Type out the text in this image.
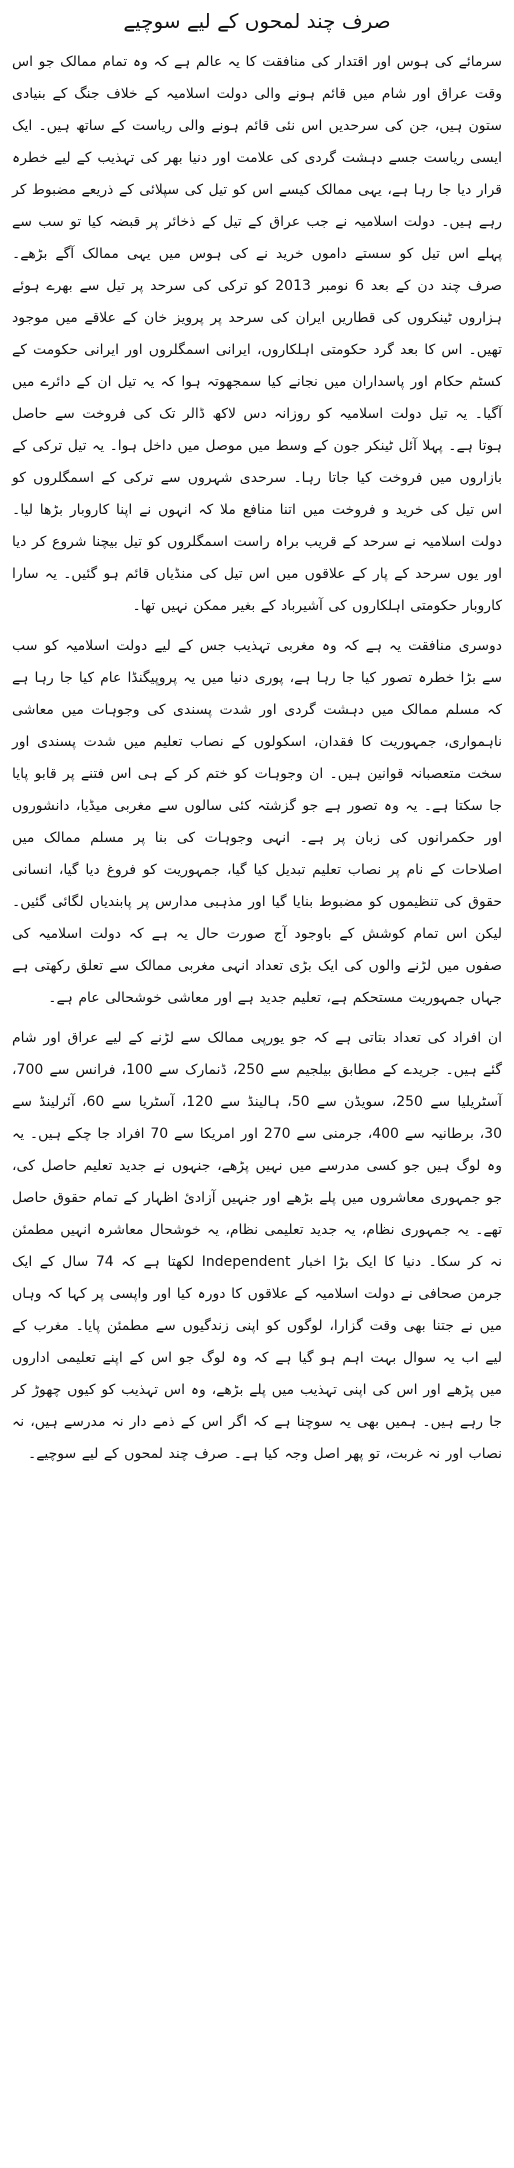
صرف چند لمحوں کے لیے سوچیے

سرمائے کی ہوس اور اقتدار کی منافقت کا یہ عالم ہے کہ وہ تمام ممالک جو اس وقت عراق اور شام میں قائم ہونے والی دولت اسلامیہ کے خلاف جنگ کے بنیادی ستون ہیں، جن کی سرحدیں اس نئی قائم ہونے والی ریاست کے ساتھ ہیں۔ ایک ایسی ریاست جسے دہشت گردی کی علامت اور دنیا بھر کی تہذیب کے لیے خطرہ قرار دیا جا رہا ہے، یہی ممالک کیسے اس کو تیل کی سپلائی کے ذریعے مضبوط کر رہے ہیں۔ دولت اسلامیہ نے جب عراق کے تیل کے ذخائر پر قبضہ کیا تو سب سے پہلے اس تیل کو سستے داموں خرید نے کی ہوس میں یہی ممالک آگے بڑھے۔ صرف چند دن کے بعد 6 نومبر 2013 کو ترکی کی سرحد پر تیل سے بھرے ہوئے ہزاروں ٹینکروں کی قطاریں ایران کی سرحد پر پرویز خان کے علاقے میں موجود تھیں۔ اس کا بعد گرد حکومتی اہلکاروں، ایرانی اسمگلروں اور ایرانی حکومت کے کسٹم حکام اور پاسداران میں نجانے کیا سمجھوتہ ہوا کہ یہ تیل ان کے دائرے میں آگیا۔ یہ تیل دولت اسلامیہ کو روزانہ دس لاکھ ڈالر تک کی فروخت سے حاصل ہوتا ہے۔ پہلا آئل ٹینکر جون کے وسط میں موصل میں داخل ہوا۔ یہ تیل ترکی کے بازاروں میں فروخت کیا جاتا رہا۔ سرحدی شہروں سے ترکی کے اسمگلروں کو اس تیل کی خرید و فروخت میں اتنا منافع ملا کہ انہوں نے اپنا کاروبار بڑھا لیا۔ دولت اسلامیہ نے سرحد کے قریب براہ راست اسمگلروں کو تیل بیچنا شروع کر دیا اور یوں سرحد کے پار کے علاقوں میں اس تیل کی منڈیاں قائم ہو گئیں۔ یہ سارا کاروبار حکومتی اہلکاروں کی آشیرباد کے بغیر ممکن نہیں تھا۔

دوسری منافقت یہ ہے کہ وہ مغربی تہذیب جس کے لیے دولت اسلامیہ کو سب سے بڑا خطرہ تصور کیا جا رہا ہے، پوری دنیا میں یہ پروپیگنڈا عام کیا جا رہا ہے کہ مسلم ممالک میں دہشت گردی اور شدت پسندی کی وجوہات میں معاشی ناہمواری، جمہوریت کا فقدان، اسکولوں کے نصاب تعلیم میں شدت پسندی اور سخت متعصبانہ قوانین ہیں۔ ان وجوہات کو ختم کر کے ہی اس فتنے پر قابو پایا جا سکتا ہے۔ یہ وہ تصور ہے جو گزشتہ کئی سالوں سے مغربی میڈیا، دانشوروں اور حکمرانوں کی زبان پر ہے۔ انہی وجوہات کی بنا پر مسلم ممالک میں اصلاحات کے نام پر نصاب تعلیم تبدیل کیا گیا، جمہوریت کو فروغ دیا گیا، انسانی حقوق کی تنظیموں کو مضبوط بنایا گیا اور مذہبی مدارس پر پابندیاں لگائی گئیں۔ لیکن اس تمام کوشش کے باوجود آج صورت حال یہ ہے کہ دولت اسلامیہ کی صفوں میں لڑنے والوں کی ایک بڑی تعداد انہی مغربی ممالک سے تعلق رکھتی ہے جہاں جمہوریت مستحکم ہے، تعلیم جدید ہے اور معاشی خوشحالی عام ہے۔

ان افراد کی تعداد بتاتی ہے کہ جو یورپی ممالک سے لڑنے کے لیے عراق اور شام گئے ہیں۔ جریدے کے مطابق بیلجیم سے 250، ڈنمارک سے 100، فرانس سے 700، آسٹریلیا سے 250، سویڈن سے 50، ہالینڈ سے 120، آسٹریا سے 60، آئرلینڈ سے 30، برطانیہ سے 400، جرمنی سے 270 اور امریکا سے 70 افراد جا چکے ہیں۔ یہ وہ لوگ ہیں جو کسی مدرسے میں نہیں پڑھے، جنہوں نے جدید تعلیم حاصل کی، جو جمہوری معاشروں میں پلے بڑھے اور جنہیں آزادیٔ اظہار کے تمام حقوق حاصل تھے۔ یہ جمہوری نظام، یہ جدید تعلیمی نظام، یہ خوشحال معاشرہ انہیں مطمئن نہ کر سکا۔ دنیا کا ایک بڑا اخبار Independent لکھتا ہے کہ 74 سال کے ایک جرمن صحافی نے دولت اسلامیہ کے علاقوں کا دورہ کیا اور واپسی پر کہا کہ وہاں میں نے جتنا بھی وقت گزارا، لوگوں کو اپنی زندگیوں سے مطمئن پایا۔ مغرب کے لیے اب یہ سوال بہت اہم ہو گیا ہے کہ وہ لوگ جو اس کے اپنے تعلیمی اداروں میں پڑھے اور اس کی اپنی تہذیب میں پلے بڑھے، وہ اس تہذیب کو کیوں چھوڑ کر جا رہے ہیں۔ ہمیں بھی یہ سوچنا ہے کہ اگر اس کے ذمے دار نہ مدرسے ہیں، نہ نصاب اور نہ غربت، تو پھر اصل وجہ کیا ہے۔ صرف چند لمحوں کے لیے سوچیے۔
